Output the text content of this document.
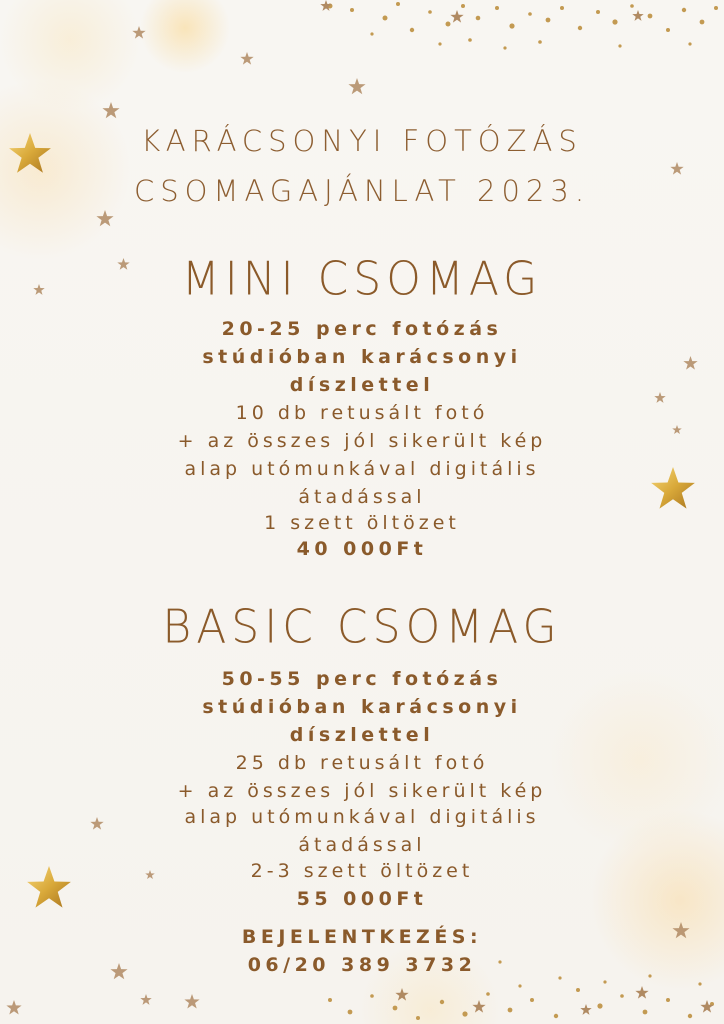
KARÁCSONYI FOTÓZÁS
CSOMAGAJÁNLAT 2023.
MINI CSOMAG
20-25 perc fotózás
stúdióban karácsonyi
díszlettel
10 db retusált fotó
+ az összes jól sikerült kép
alap utómunkával digitális
átadással
1 szett öltözet
40 000Ft
BASIC CSOMAG
50-55 perc fotózás
stúdióban karácsonyi
díszlettel
25 db retusált fotó
+ az összes jól sikerült kép
alap utómunkával digitális
átadással
2-3 szett öltözet
55 000Ft
BEJELENTKEZÉS:
06/20 389 3732
